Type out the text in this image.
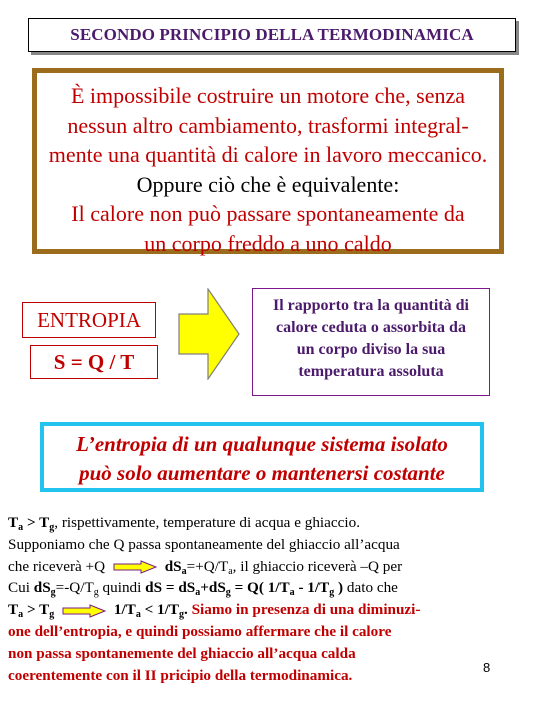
SECONDO PRINCIPIO DELLA TERMODINAMICA
È impossibile costruire un motore che, senza
nessun altro cambiamento, trasformi integral-
mente una quantità di calore in lavoro meccanico.
Oppure ciò che è equivalente:
Il calore non può passare spontaneamente da
un corpo freddo a uno caldo
ENTROPIA
S = Q / T
Il rapporto tra la quantità di
calore ceduta o assorbita da
un corpo diviso la sua
temperatura assoluta
L’entropia di un qualunque sistema isolato
può solo aumentare o mantenersi costante
$T_a > T_g$, rispettivamente, temperature di acqua e ghiaccio.
Supponiamo che Q passa spontaneamente del ghiaccio all’acqua
che riceverà +Q	$dS_a=+Q/T_a$, il ghiaccio riceverà –Q per
Cui $dS_g=-Q/T_g$ quindi dS = $dS_a+dS_g = Q$( $1/T_a - 1/T_g$ ) dato che
$T_a > T_g$	$1/T_a < 1/T_g$. Siamo in presenza di una diminuzi-
one dell’entropia, e quindi possiamo affermare che il calore
non passa spontanemente del ghiaccio all’acqua calda
coerentemente con il II pricipio della termodinamica.	8
